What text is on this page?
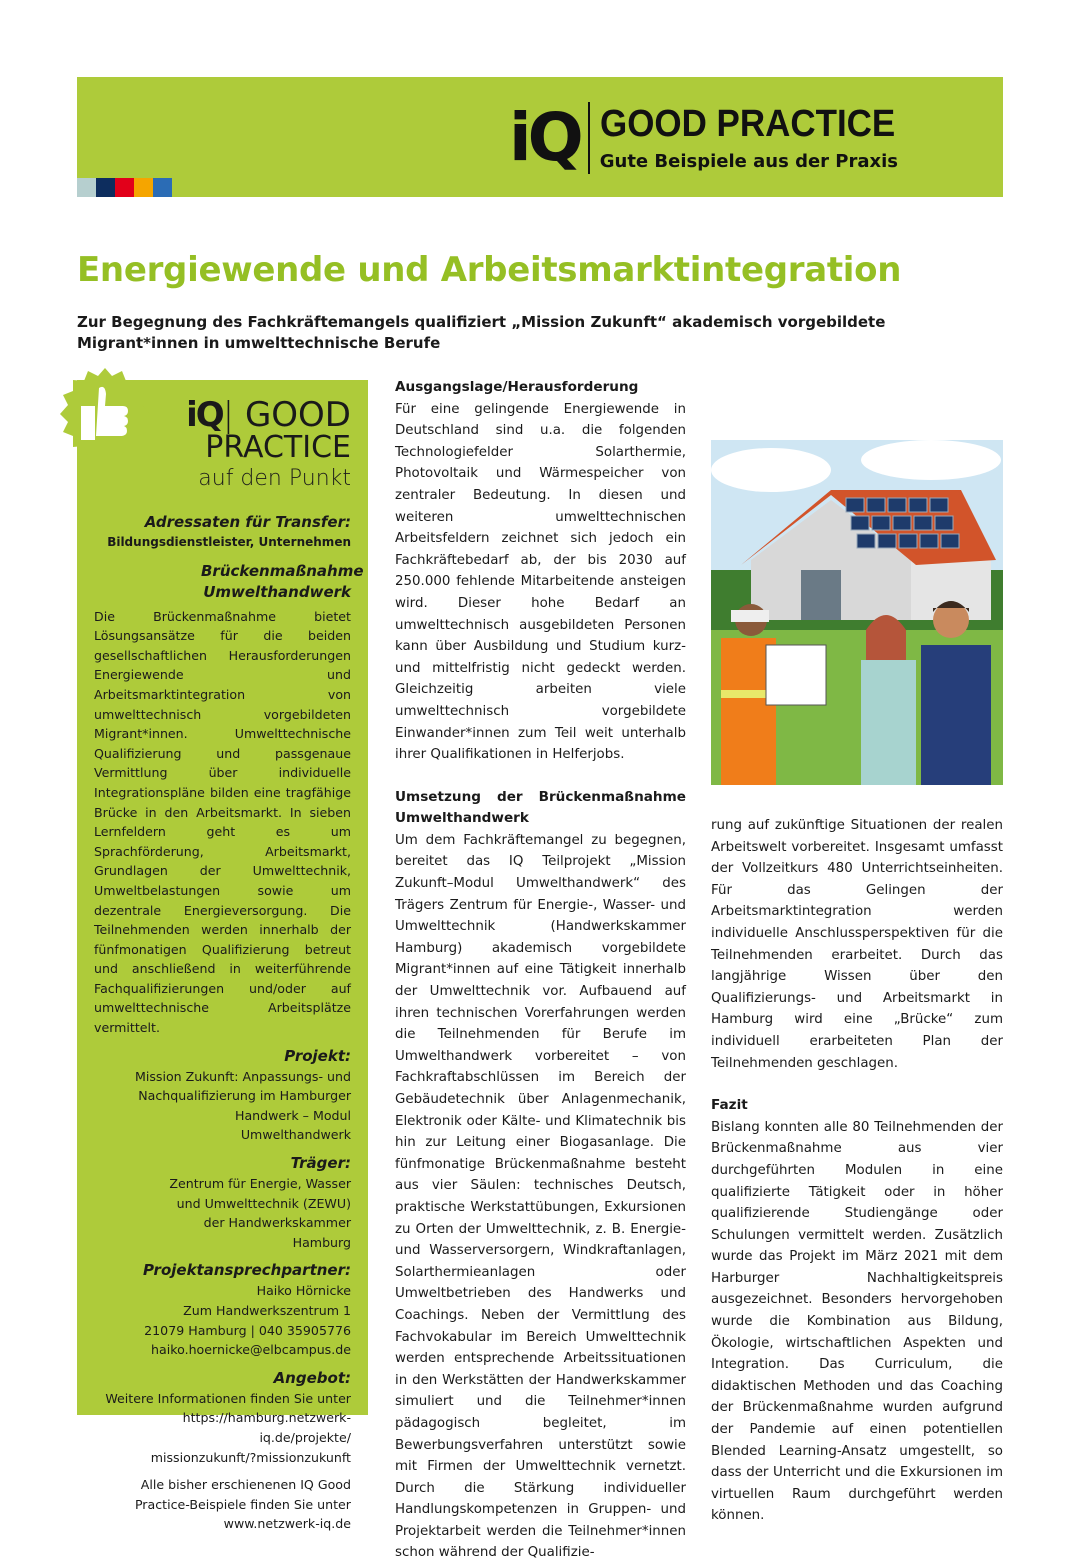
iQ GOOD PRACTICE
Gute Beispiele aus der Praxis
Energiewende und Arbeitsmarktintegration
Zur Begegnung des Fachkräftemangels qualifiziert „Mission Zukunft“ akademisch vorgebildete Migrant*innen in umwelttechnische Berufe
iQ| GOOD
PRACTICE
auf den Punkt
Adressaten für Transfer:
Bildungsdienstleister, Unternehmen
Brückenmaßnahme Umwelthandwerk
Die Brückenmaßnahme bietet Lösungsansätze für die beiden gesellschaftlichen Herausforderungen Energiewende und Arbeitsmarktintegration von umwelttechnisch vorgebildeten Migrant*innen. Umwelttechnische Qualifizierung und passgenaue Vermittlung über individuelle Integrationspläne bilden eine tragfähige Brücke in den Arbeitsmarkt. In sieben Lernfeldern geht es um Sprachförderung, Arbeitsmarkt, Grundlagen der Umwelttechnik, Umweltbelastungen sowie um dezentrale Energieversorgung. Die Teilnehmenden werden innerhalb der fünfmonatigen Qualifizierung betreut und anschließend in weiterführende Fachqualifizierungen und/oder auf umwelttechnische Arbeitsplätze vermittelt.
Projekt:
Mission Zukunft: Anpassungs- und Nachqualifizierung im Hamburger Handwerk – Modul Umwelthandwerk
Träger:
Zentrum für Energie, Wasser und Umwelttechnik (ZEWU) der Handwerkskammer Hamburg
Projektansprechpartner:
Haiko Hörnicke
Zum Handwerkszentrum 1
21079 Hamburg | 040 35905776
haiko.hoernicke@elbcampus.de
Angebot:
Weitere Informationen finden Sie unter
https://hamburg.netzwerk-iq.de/projekte/
missionzukunft/?missionzukunft
Alle bisher erschienenen IQ Good
Practice-Beispiele finden Sie unter
www.netzwerk-iq.de
Ausgangslage/Herausforderung

Für eine gelingende Energiewende in Deutschland sind u.a. die folgenden Technologiefelder Solarthermie, Photovoltaik und Wärmespeicher von zentraler Bedeutung. In diesen und weiteren umwelttechnischen Arbeitsfeldern zeichnet sich jedoch ein Fachkräftebedarf ab, der bis 2030 auf 250.000 fehlende Mitarbeitende ansteigen wird. Dieser hohe Bedarf an umwelttechnisch ausgebildeten Personen kann über Ausbildung und Studium kurz- und mittelfristig nicht gedeckt werden. Gleichzeitig arbeiten viele umwelttechnisch vorgebildete Einwander*innen zum Teil weit unterhalb ihrer Qualifikationen in Helferjobs.

Umsetzung der Brückenmaßnahme Umwelthandwerk

Um dem Fachkräftemangel zu begegnen, bereitet das IQ Teilprojekt „Mission Zukunft–Modul Umwelthandwerk“ des Trägers Zentrum für Energie-, Wasser- und Umwelttechnik (Handwerkskammer Hamburg) akademisch vorgebildete Migrant*innen auf eine Tätigkeit innerhalb der Umwelttechnik vor. Aufbauend auf ihren technischen Vorerfahrungen werden die Teilnehmenden für Berufe im Umwelthandwerk vorbereitet – von Fachkraftabschlüssen im Bereich der Gebäudetechnik über Anlagenmechanik, Elektronik oder Kälte- und Klimatechnik bis hin zur Leitung einer Biogasanlage. Die fünfmonatige Brückenmaßnahme besteht aus vier Säulen: technisches Deutsch, praktische Werkstattübungen, Exkursionen zu Orten der Umwelttechnik, z. B. Energie- und Wasserversorgern, Windkraftanlagen, Solarthermieanlagen oder Umweltbetrieben des Handwerks und Coachings. Neben der Vermittlung des Fachvokabular im Bereich Umwelttechnik werden entsprechende Arbeitssituationen in den Werkstätten der Handwerkskammer simuliert und die Teilnehmer*innen pädagogisch begleitet, im Bewerbungsverfahren unterstützt sowie mit Firmen der Umwelttechnik vernetzt. Durch die Stärkung individueller Handlungskompetenzen in Gruppen- und Projektarbeit werden die Teilnehmer*innen schon während der Qualifizie-

rung auf zukünftige Situationen der realen Arbeitswelt vorbereitet. Insgesamt umfasst der Vollzeitkurs 480 Unterrichtseinheiten. Für das Gelingen der Arbeitsmarktintegration werden individuelle Anschlussperspektiven für die Teilnehmenden erarbeitet. Durch das langjährige Wissen über den Qualifizierungs- und Arbeitsmarkt in Hamburg wird eine „Brücke“ zum individuell erarbeiteten Plan der Teilnehmenden geschlagen.

Fazit

Bislang konnten alle 80 Teilnehmenden der Brückenmaßnahme aus vier durchgeführten Modulen in eine qualifizierte Tätigkeit oder in höher qualifizierende Studiengänge oder Schulungen vermittelt werden. Zusätzlich wurde das Projekt im März 2021 mit dem Harburger Nachhaltigkeitspreis ausgezeichnet. Besonders hervorgehoben wurde die Kombination aus Bildung, Ökologie, wirtschaftlichen Aspekten und Integration. Das Curriculum, die didaktischen Methoden und das Coaching der Brückenmaßnahme wurden aufgrund der Pandemie auf einen potentiellen Blended Learning-Ansatz umgestellt, so dass der Unterricht und die Exkursionen im virtuellen Raum durchgeführt werden können.
